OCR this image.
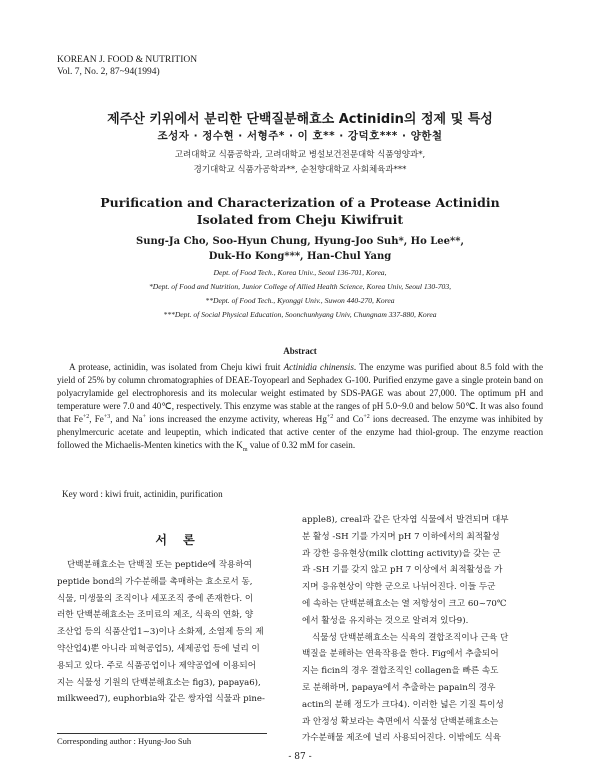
KOREAN J. FOOD & NUTRITION
Vol. 7, No. 2, 87~94(1994)
제주산 키위에서 분리한 단백질분해효소 Actinidin의 정제 및 특성
조성자 · 정수현 · 서형주* · 이 호** · 강덕호*** · 양한철
고려대학교 식품공학과, 고려대학교 병설보건전문대학 식품영양과*,
경기대학교 식품가공학과**, 순천향대학교 사회체육과***
Purification and Characterization of a Protease Actinidin
Isolated from Cheju Kiwifruit
Sung-Ja Cho, Soo-Hyun Chung, Hyung-Joo Suh*, Ho Lee**,
Duk-Ho Kong***, Han-Chul Yang
Dept. of Food Tech., Korea Univ., Seoul 136-701, Korea,
*Dept. of Food and Nutrition, Junior College of Allied Health Science, Korea Univ, Seoul 130-703,
**Dept. of Food Tech., Kyonggi Univ., Suwon 440-270, Korea
***Dept. of Social Physical Education, Soonchunhyang Univ, Chungnam 337-880, Korea
Abstract
A protease, actinidin, was isolated from Cheju kiwi fruit Actinidia chinensis. The enzyme was purified about 8.5 fold with the yield of 25% by column chromatographies of DEAE-Toyopearl and Sephadex G-100. Purified enzyme gave a single protein band on polyacrylamide gel electrophoresis and its molecular weight estimated by SDS-PAGE was about 27,000. The optimum pH and temperature were 7.0 and 40℃, respectively. This enzyme was stable at the ranges of pH 5.0~9.0 and below 50℃. It was also found that $Fe^{+2}$, $Fe^{+3}$, and Na+ ions increased the enzyme activity, whereas $Hg^{+2}$ and $Co^{+2}$ ions decreased. The enzyme was inhibited by phenylmercuric acetate and leupeptin, which indicated that active center of the enzyme had thiol-group. The enzyme reaction followed the Michaelis-Menten kinetics with the $K_m$ value of 0.32 mM for casein.
Key word : kiwi fruit, actinidin, purification
서 론

단백분해효소는 단백질 또는 peptide에 작용하여

peptide bond의 가수분해를 촉매하는 효소로서 동,

식물, 미생물의 조직이나 세포조직 중에 존재한다. 이

러한 단백분해효소는 조미료의 제조, 식육의 연화, 양

조산업 등의 식품산업1~3)이나 소화제, 소염제 등의 제

약산업4)뿐 아니라 피혁공업5), 세제공업 등에 널리 이

용되고 있다. 주로 식품공업이나 제약공업에 이용되어

지는 식물성 기원의 단백분해효소는 fig3), papaya6),

milkweed7), euphorbia와 같은 쌍자엽 식물과 pine-

apple8), creal과 같은 단자엽 식물에서 발견되며 대부

분 활성 -SH 기를 가지며 pH 7 이하에서의 최적활성

과 강한 응유현상(milk clotting activity)을 갖는 군

과 -SH 기를 갖지 않고 pH 7 이상에서 최적활성을 가

지며 응유현상이 약한 군으로 나뉘어진다. 이들 두군

에 속하는 단백분해효소는 열 저항성이 크고 60~70℃

에서 활성을 유지하는 것으로 알려져 있다9).

식물성 단백분해효소는 식육의 결합조직이나 근육 단

백질을 분해하는 연육작용을 한다. Fig에서 추출되어

지는 ficin의 경우 결합조직인 collagen을 빠른 속도

로 분해하며, papaya에서 추출하는 papain의 경우

actin의 분해 정도가 크다4). 이러한 넓은 기질 특이성

과 안정성 확보라는 측면에서 식물성 단백분해효소는

가수분해물 제조에 널리 사용되어진다. 이밖에도 식육

Corresponding author : Hyung-Joo Suh
- 87 -
